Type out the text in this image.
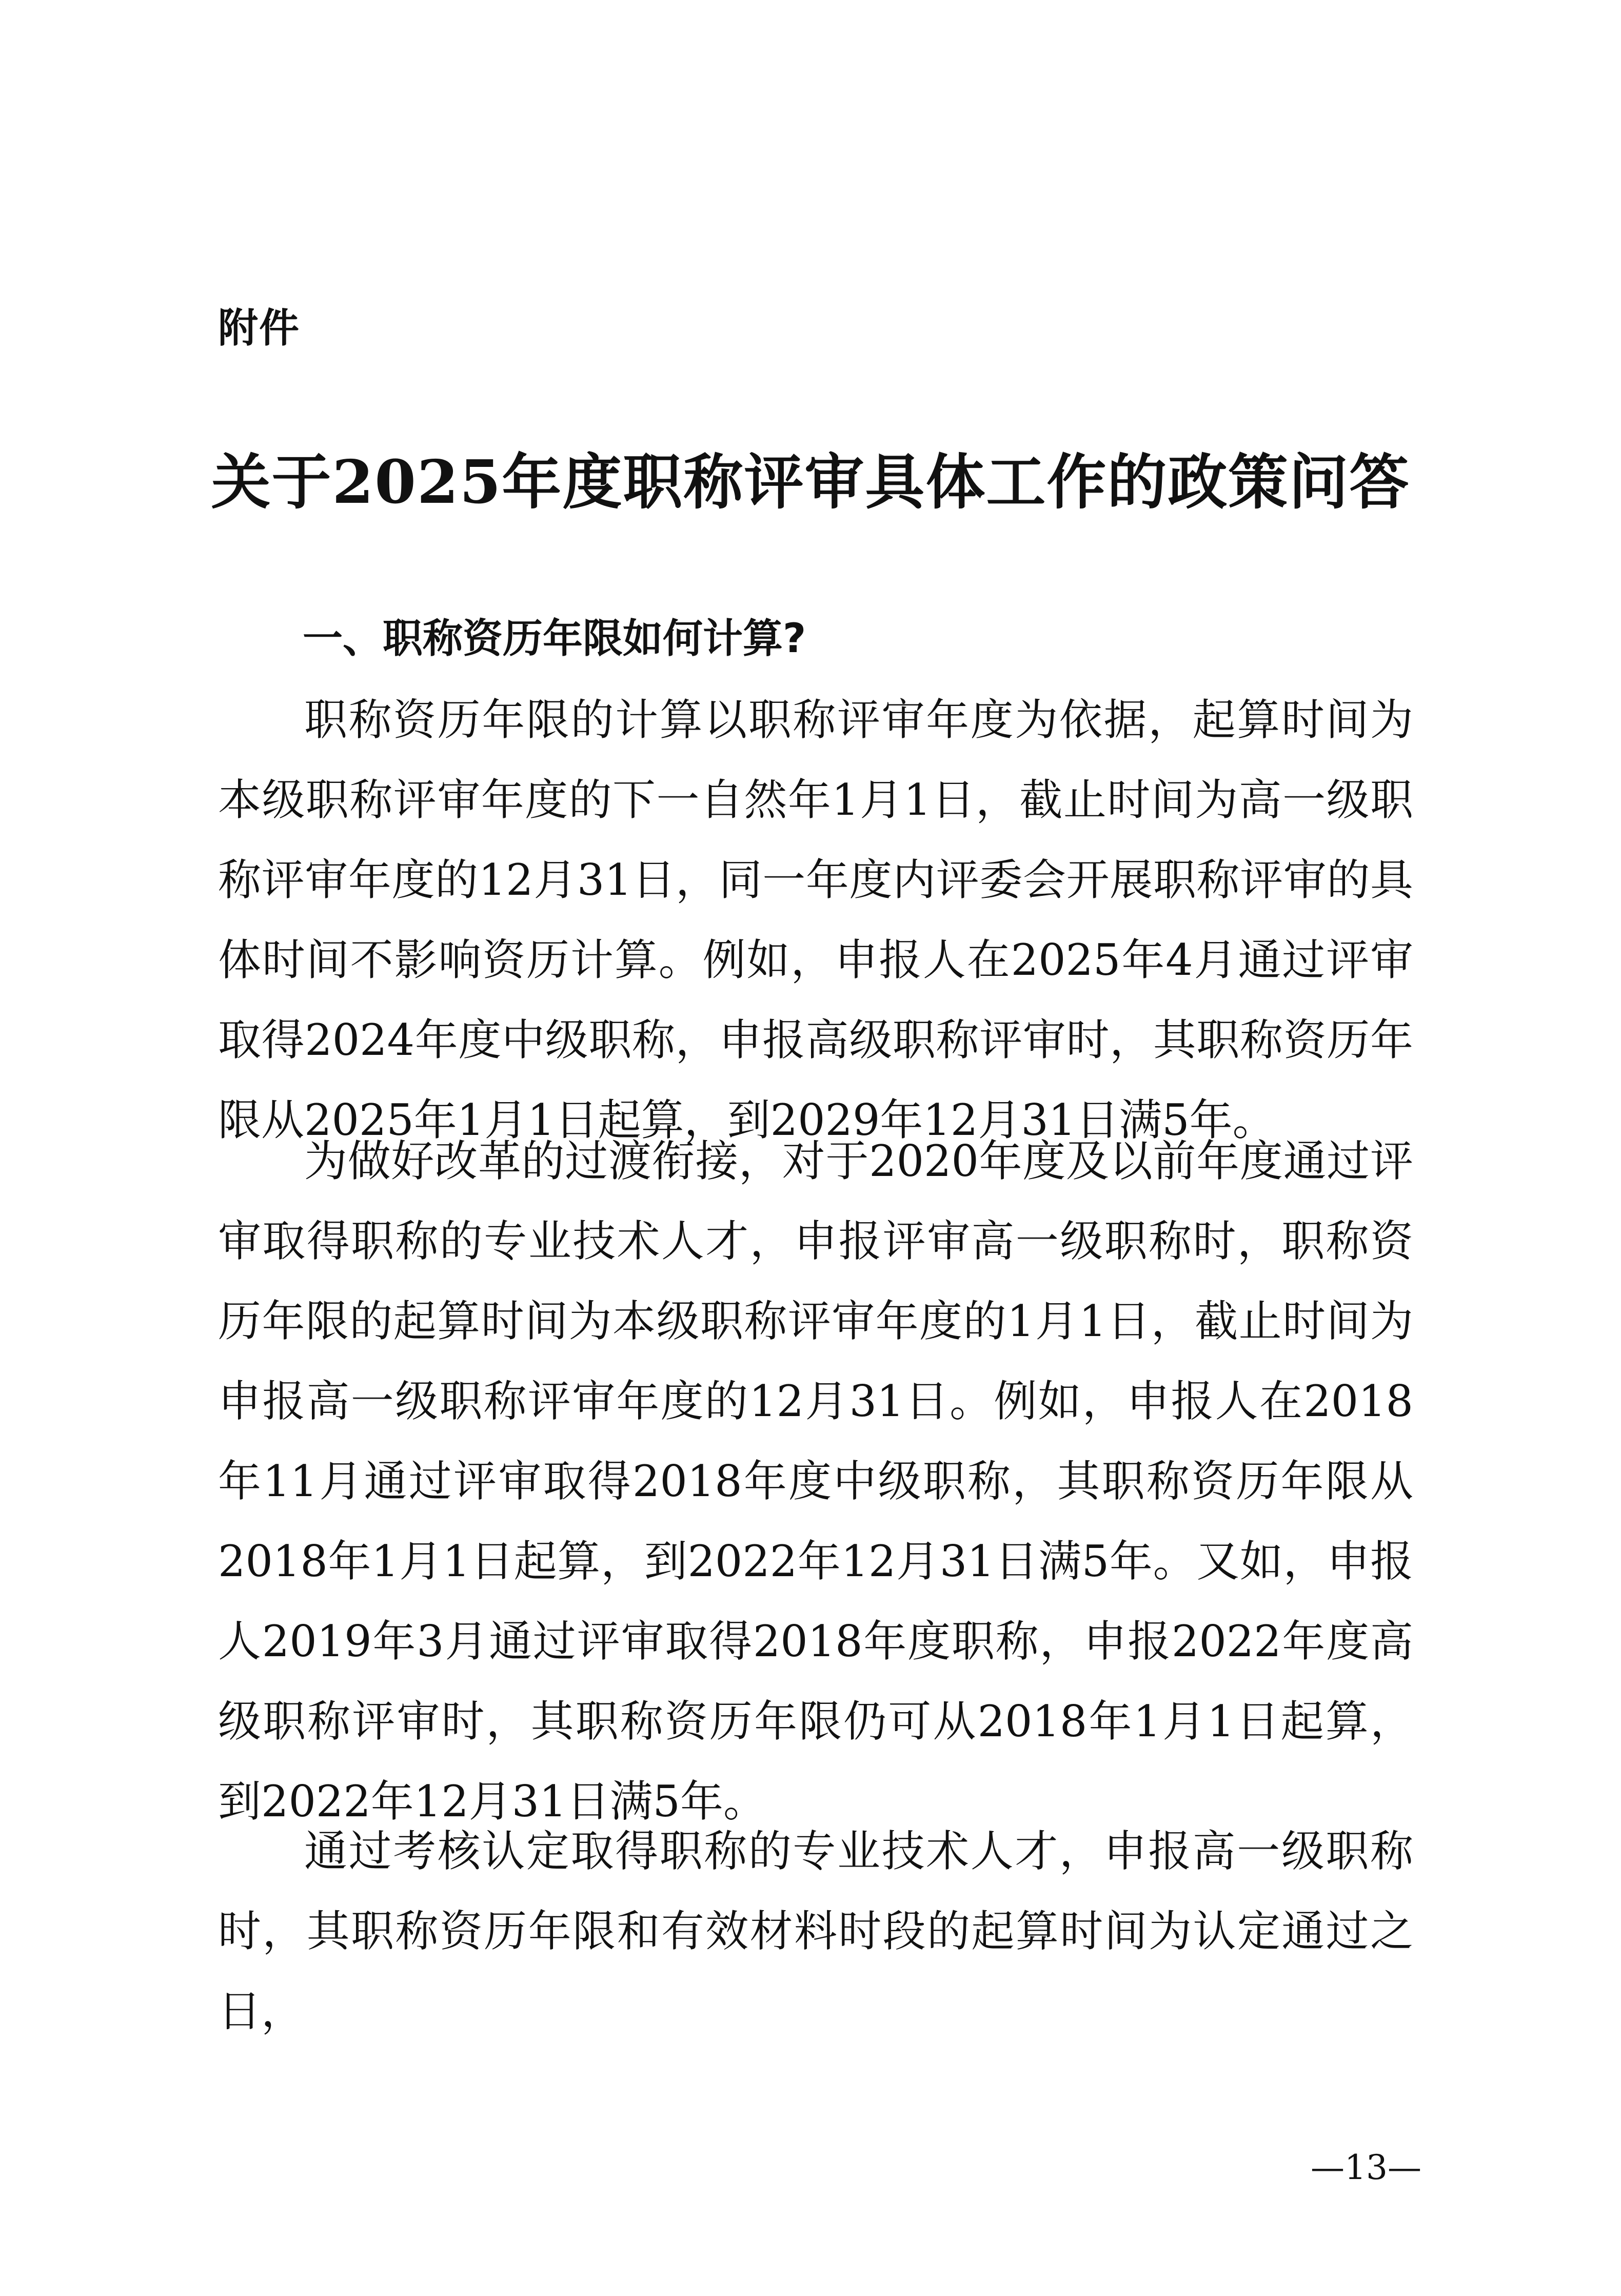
附件
关于2025年度职称评审具体工作的政策问答
一、职称资历年限如何计算?

职称资历年限的计算以职称评审年度为依据，起算时间为本级职称评审年度的下一自然年1月1日，截止时间为高一级职称评审年度的12月31日，同一年度内评委会开展职称评审的具体时间不影响资历计算。例如，申报人在2025年4月通过评审取得2024年度中级职称，申报高级职称评审时，其职称资历年限从2025年1月1日起算，到2029年12月31日满5年。

为做好改革的过渡衔接，对于2020年度及以前年度通过评审取得职称的专业技术人才，申报评审高一级职称时，职称资历年限的起算时间为本级职称评审年度的1月1日，截止时间为申报高一级职称评审年度的12月31日。例如，申报人在2018年11月通过评审取得2018年度中级职称，其职称资历年限从2018年1月1日起算，到2022年12月31日满5年。又如，申报人2019年3月通过评审取得2018年度职称，申报2022年度高级职称评审时，其职称资历年限仍可从2018年1月1日起算，到2022年12月31日满5年。

通过考核认定取得职称的专业技术人才，申报高一级职称时，其职称资历年限和有效材料时段的起算时间为认定通过之日，

—13—
